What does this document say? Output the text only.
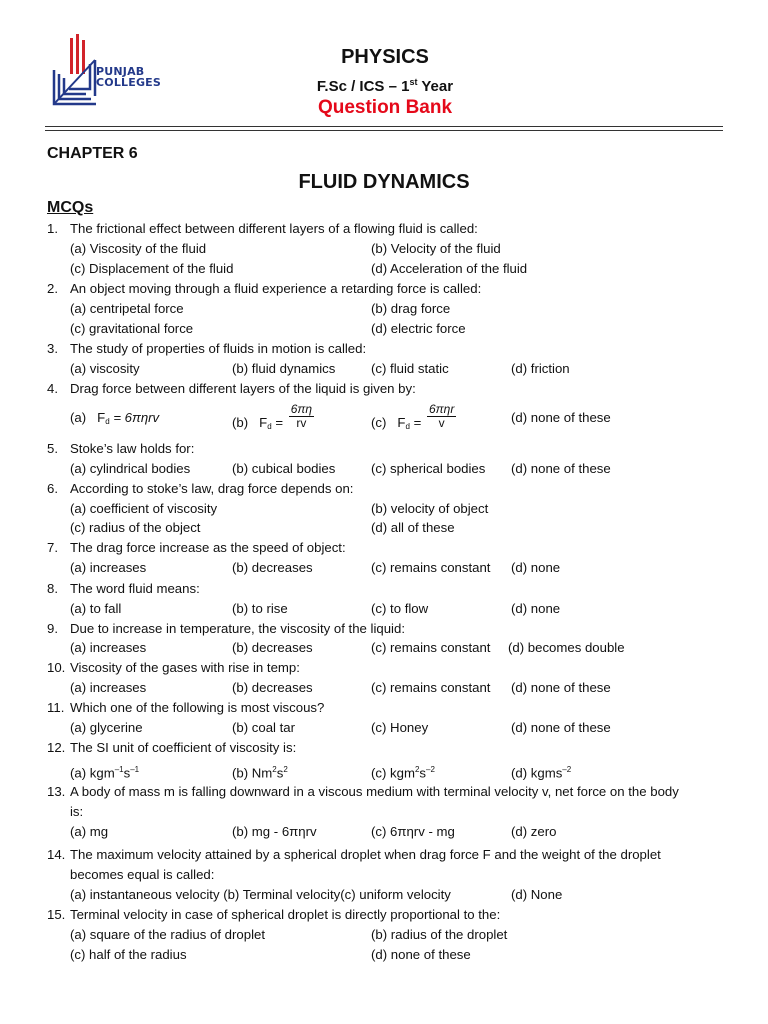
PUNJAB
COLLEGES
PHYSICS
F.Sc / ICS – 1st Year
Question Bank
CHAPTER 6
FLUID DYNAMICS
MCQs
1. The frictional effect between different layers of a flowing fluid is called:
(a) Viscosity of the fluid	(b) Velocity of the fluid
(c) Displacement of the fluid	(d) Acceleration of the fluid
2. An object moving through a fluid experience a retarding force is called:
(a) centripetal force	(b) drag force
(c) gravitational force	(d) electric force
3. The study of properties of fluids in motion is called:
(a) viscosity	(b) fluid dynamics	(c) fluid static	(d) friction
4. Drag force between different layers of the liquid is given by:
(a) Fd = 6πηrv	(b) $Fd = \frac{6\pi\eta}{rv}$	(c) $Fd = \frac{\text{6πηr}}{v}$	(d) none of these
5. Stoke’s law holds for:
(a) cylindrical bodies	(b) cubical bodies	(c) spherical bodies (d) none of these
6. According to stoke’s law, drag force depends on:
(a) coefficient of viscosity	(b) velocity of object
(c) radius of the object	(d) all of these
7. The drag force increase as the speed of object:
(a) increases	(b) decreases	(c) remains constant (d) none
8. The word fluid means:
(a) to fall	(b) to rise	(c) to flow	(d) none
9. Due to increase in temperature, the viscosity of the liquid:
(a) increases	(b) decreases	(c) remains constant (d) becomes double
10. Viscosity of the gases with rise in temp:
(a) increases	(b) decreases	(c) remains constant (d) none of these
11. Which one of the following is most viscous?
(a) glycerine	(b) coal tar	(c) Honey	(d) none of these
12. The SI unit of coefficient of viscosity is:
(a) $kgm^{-1}s^{-1}$	(b) $Nm^2s^2$	(c) $kgm^2s^{-2}$	(d) kgms$^{-2}$
13. A body of mass m is falling downward in a viscous medium with terminal velocity v, net force on the body
is:
(a) mg	(b) mg - 6πηrv	(c) 6πηrv - mg	(d) zero
14. The maximum velocity attained by a spherical droplet when drag force F and the weight of the droplet
becomes equal is called:
(a) instantaneous velocity (b) Terminal velocity(c) uniform velocity	(d) None
15. Terminal velocity in case of spherical droplet is directly proportional to the:
(a) square of the radius of droplet	(b) radius of the droplet
(c) half of the radius	(d) none of these
